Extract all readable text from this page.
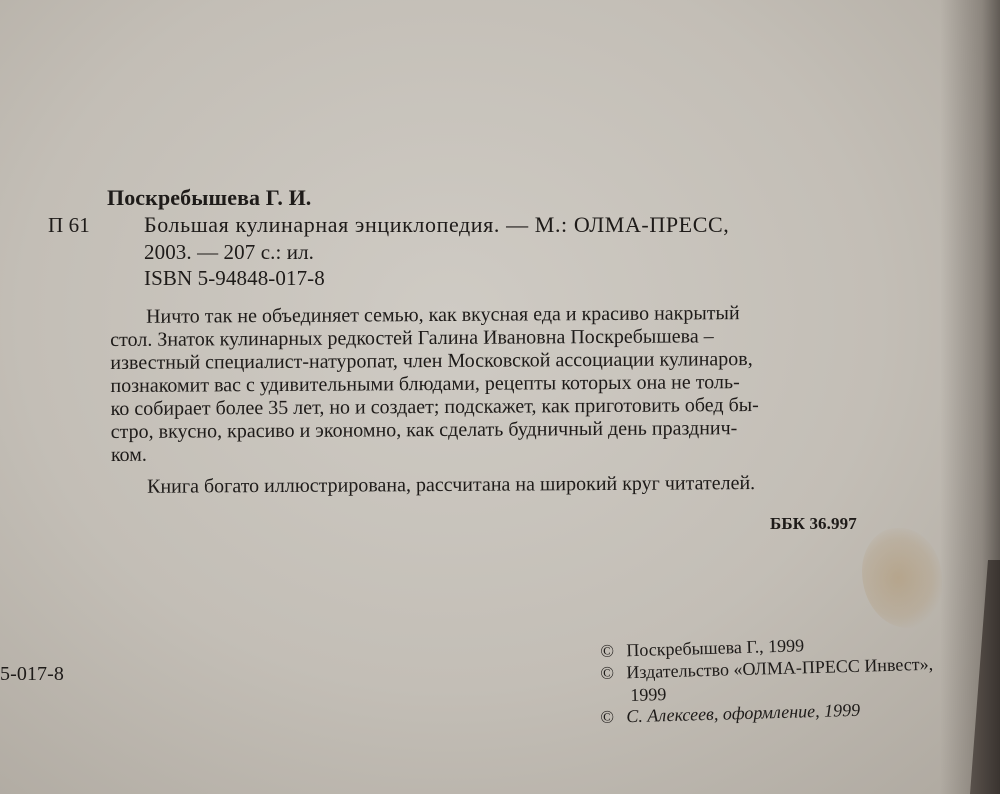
Поскребышева Г. И.
П 61 Большая кулинарная энциклопедия. — М.: ОЛМА-ПРЕСС,
2003. — 207 с.: ил.
ISBN 5-94848-017-8
Ничто так не объединяет семью, как вкусная еда и красиво накрытый
стол. Знаток кулинарных редкостей Галина Ивановна Поскребышева –
известный специалист-натуропат, член Московской ассоциации кулинаров,
познакомит вас с удивительными блюдами, рецепты которых она не толь-
ко собирает более 35 лет, но и создает; подскажет, как приготовить обед бы-
стро, вкусно, красиво и экономно, как сделать будничный день празднич-
ком.
Книга богато иллюстрирована, рассчитана на широкий круг читателей.
ББК 36.997
5-017-8
© Поскребышева Г., 1999
© Издательство «ОЛМА-ПРЕСС Инвест»,
1999
© С. Алексеев, оформление, 1999
